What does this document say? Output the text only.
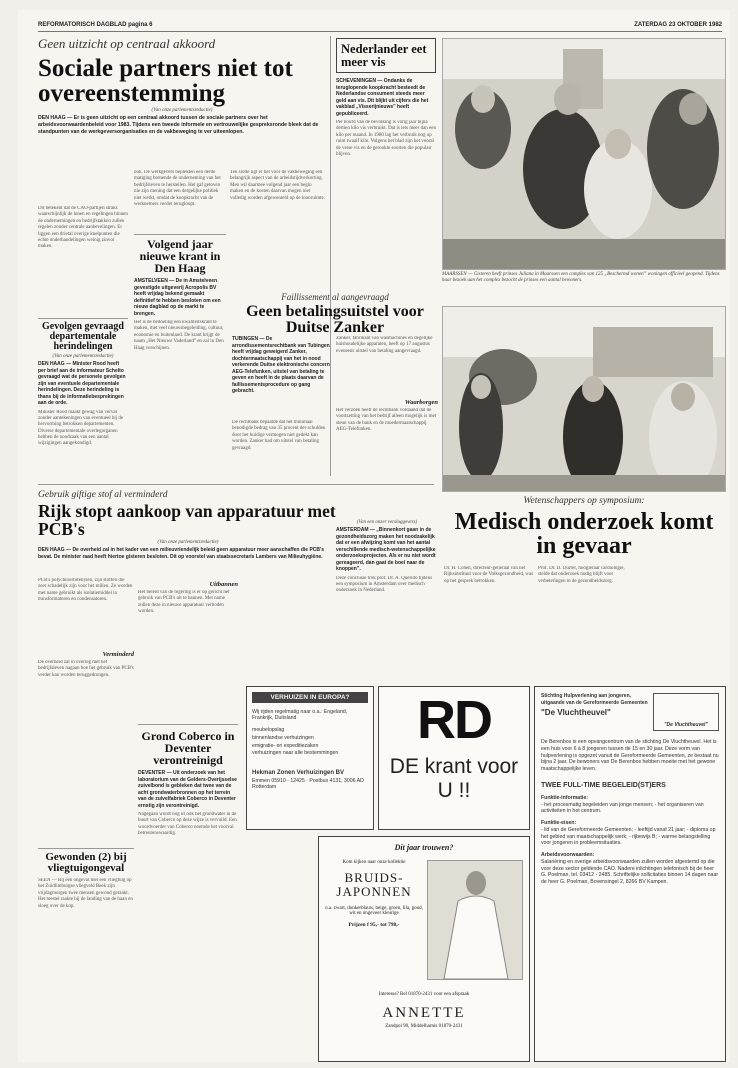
REFORMATORISCH DAGBLAD pagina 6	ZATERDAG 23 OKTOBER 1982
Geen uitzicht op centraal akkoord
Sociale partners niet tot overeenstemming
(Van onze parlementsredactie)
DEN HAAG — Er is geen uitzicht op een centraal akkoord tussen de sociale partners over het arbeidsvoorwaardenbeleid voor 1983. Tijdens een tweede informele en vertrouwelijke gespreksronde bleek dat de standpunten van de werkgeversorganisaties en de vakbeweging te ver uiteenlopen.
Dit betekent dat de CAO-partijen straks waarschijnlijk de lonen en regelingen binnen de ondernemingen en bedrijfstakken zullen regelen zonder centrale aanbevelingen. Er liggen een drietal overige knelpunten die echte onderhandelingen weinig zinvol maken.
ook. De werkgevers beplekten een derde matiging brenende de onderneming van het bedrijfsleven te herstellen. Het gaf getoven nie zijn mening dat een dergelijke politiek niet werkt, omdat de koopkracht van de werknemers verder terugloopt.
Ten slotte ligt er het voor de vakbeweging een belangrijk aspect van de arbeidstijdverkorting. Men wil daarmee volgend jaar een begin maken en de kosten daarvan mogen niet volledig worden afgewenteld op de loonruimte.
Volgend jaar nieuwe krant in Den Haag
AMSTELVEEN — De in Amstelveen gevestigde uitgeverij Acropolis BV heeft vrijdag bekend gemaakt definitief te hebben besloten om een nieuw dagblad op de markt te brengen.
Het is de bedoeling een kwaliteitskrant te maken, met veel nieuwsbegeleiding, cultuur, economie en buitenland. De krant krijgt de naam „Het Nieuwe Vaderland” en zal in Den Haag verschijnen.
Gevolgen gevraagd departementale herindelingen
(Van onze parlementsredactie)
DEN HAAG — Minister Rood heeft per brief aan de informateur Schelto gevraagd wat de personele gevolgen zijn van eventuele departementale herindelingen. Deze herindeling is thans bij de informatiebesprekingen aan de orde.
Minister Rood maakt gewag van vervat zonder aantekeningen van eventueel bij de hervorming betrokken departementen. Diverse departementale overlegorganen hebben de noodzaak van een aantal wijzigingen aangekondigd.
Nederlander eet meer vis
SCHEVENINGEN — Ondanks de teruglopende koopkracht besteedt de Nederlandse consument steeds meer geld aan vis. Dit blijkt uit cijfers die het vakblad „Visserijnieuws” heeft gepubliceerd.
Per hoofd van de bevolking is vorig jaar bijna dertien kilo vis verbruikt. Dat is iets meer dan een kilo per maand. In 1980 lag het verbruik nog op ruim twaalf kilo. Volgens het blad zijn het vooral de verse vis en de gerookte soorten die populair blijven.
MAARSSEN — Gisteren heeft prinses Juliana in Maarssen een complex van 125 „Beschermd wonen” woningen officieel geopend. Tijdens haar bezoek aan het complex bezocht de prinses een aantal bewoners.
Faillissement al aangevraagd
Geen betalingsuitstel voor Duitse Zanker
TUBINGEN — De arrondissementsrechtbank van Tubingen heeft vrijdag geweigerd Zanker, dochtermaatschappij van het in nood verkerende Duitse elektronische concern AEG-Telefunken, uitstel van betaling te geven en heeft in de plaats daarvan de faillissementsprocedure op gang gebracht.
De rechtbank bepaalde dat het minimaal benodigde bedrag van 35 procent der schulden door het huidige vermogen niet gedekt kan worden. Zanker had om uitstel van betaling gevraagd.
Zanker, fabrikant van wasmachines en degelijke huishoudelijke apparaten, heeft op 17 augustus eveneens uitstel van betaling aangevraagd.
Waarborgen
Het verzoek heeft de rechtbank voldaand dat de voortzetting van het bedrijf alleen mogelijk is met steun van de bank en de moedermaatschappij AEG-Telefunken.
Gebruik giftige stof al verminderd
Rijk stopt aankoop van apparatuur met PCB's
(Van onze parlementsredactie)
DEN HAAG — De overheid zal in het kader van een milieuvriendelijk beleid geen apparatuur meer aanschaffen die PCB's bevat. De minister raad heeft hiertoe gisteren besloten. Dit op voorstel van staatssecretaris Lambers van Milieuhygiëne.
PCB's polychloorbifenylen, zijn stoffen die zeer schadelijk zijn voor het milieu. Ze worden met name gebruikt als isolatiemiddel in transformatoren en condensatoren.
Verminderd
De overheid zal in overleg met het bedrijfsleven nagaan hoe het gebruik van PCB's verder kan worden teruggedrongen.
Uitbannen
Het beleid van de regering is er op gericht het gebruik van PCB's uit te bannen. Met name zullen deze in nieuwe apparatuur verboden worden.
Grond Coberco in Deventer verontreinigd
DEVENTER — Uit onderzoek van het laboratorium van de Gelders-Overijsselse zuivelbond is gebleken dat twee van de acht grondwaterbronnen op het terrein van de zuivelfabriek Coberco in Deventer ernstig zijn verontreinigd.
Nagegaan wordt nog of ook het grondwater in de buurt van Coberco op deze wijze is vervuild. Een woordvoerder van Coberco noemde het voorval betreurenswaardig.
Gewonden (2) bij vliegtuigongeval
SEEN — Bij een ongeval met een vliegtuig op het Zuidlimburgse vliegveld Beek zijn vrijdagmorgen twee mensen gewond geraakt. Het toestel raakte bij de landing van de baan en sloeg over de kop.
Wetenschappers op symposium:
Medisch onderzoek komt in gevaar
(Van een onzer verslaggevers)
AMSTERDAM — „Binnenkort gaan in de gezondheidszorg maken het noodzakelijk dat er een afwijzing komt van het aantal verschillende medisch-wetenschappelijke onderzoeksprojecten. Als er nu niet wordt gereageerd, dan gaat de boel naar de knoppen”.
Deze conclusie trok prof. Dr. A. Querido tijdens een symposium in Amsterdam over medisch onderzoek in Nederland.
Dr. H. Cohen, directeur-generaal van het Rijksinstituut voor de Volksgezondheid, was op het gesprek betrokken.
Prof. Dr. D. Durrer, hoogleraar cardiologie, stelde dat onderzoek nodig blijft voor verbeteringen in de gezondheidszorg.
VERHUIZEN IN EUROPA?
Wij rijden regelmatig naar o.a.: Engeland, Frankrijk, Duitsland
meubelopslag
binnenlandse verhuizingen
emigratie- en expeditiezaken
verhuizingen naar alle bestemmingen
Hekman Zonen Verhuizingen BV
Emmen 05910 - 12425 · Postbus 4131, 3006 AD Rotterdam
RD
DE krant voor U !!
Dit jaar trouwen?
Kom kijken naar onze kollektie
BRUIDS-JAPONNEN
o.a. zwart, donkerblauw, beige, groen, lila, goud, wit en ongeveer kleurige
Prijzen f 95,- tot 798,-
Interesse? Bel 01870-2431 voor een afspraak
ANNETTE
Zandpol 90, Middelharnis 01870-2431
Stichting Hulpverlening aan jongeren, uitgaande van de Gereformeerde Gemeenten
"De Vluchtheuvel"
"De Vluchtheuvel"
De Berenbos is een opvangcentrum van de stichting De Vluchtheuvel. Het is een huis voor 6 à 8 jongeren tussen de 15 en 30 jaar. Deze vorm van hulpverlening is opgezet vanuit de Gereformeerde Gemeenten, ze bestaat nu bijna 2 jaar. De bewoners van De Berenbos hebben moeite met het gewone maatschappelijke leven.
TWEE FULL-TIME BEGELEID(ST)ERS
Funktie-informatie:
- het procesmatig begeleiden van jonge mensen; - het organiseren van activiteiten in het centrum.
Funktie-eisen:
- lid van de Gereformeerde Gemeenten; - leeftijd vanaf 21 jaar; - diploma op het gebied van maatschappelijk werk; - rijbewijs B; - warme belangstelling voor jongeren in probleemsituaties.
Arbeidsvoorwaarden:
Salariëring en overige arbeidsvoorwaarden zullen worden afgestemd op die voor deze sector geldende CAO. Nadere inlichtingen telefonisch bij de heer G. Poelman, tel. 03412 - 2485. Schriftelijke sollicitaties binnen 14 dagen naar de heer G. Poelman, Bovensingel 2, 8266 BV Kampen.
